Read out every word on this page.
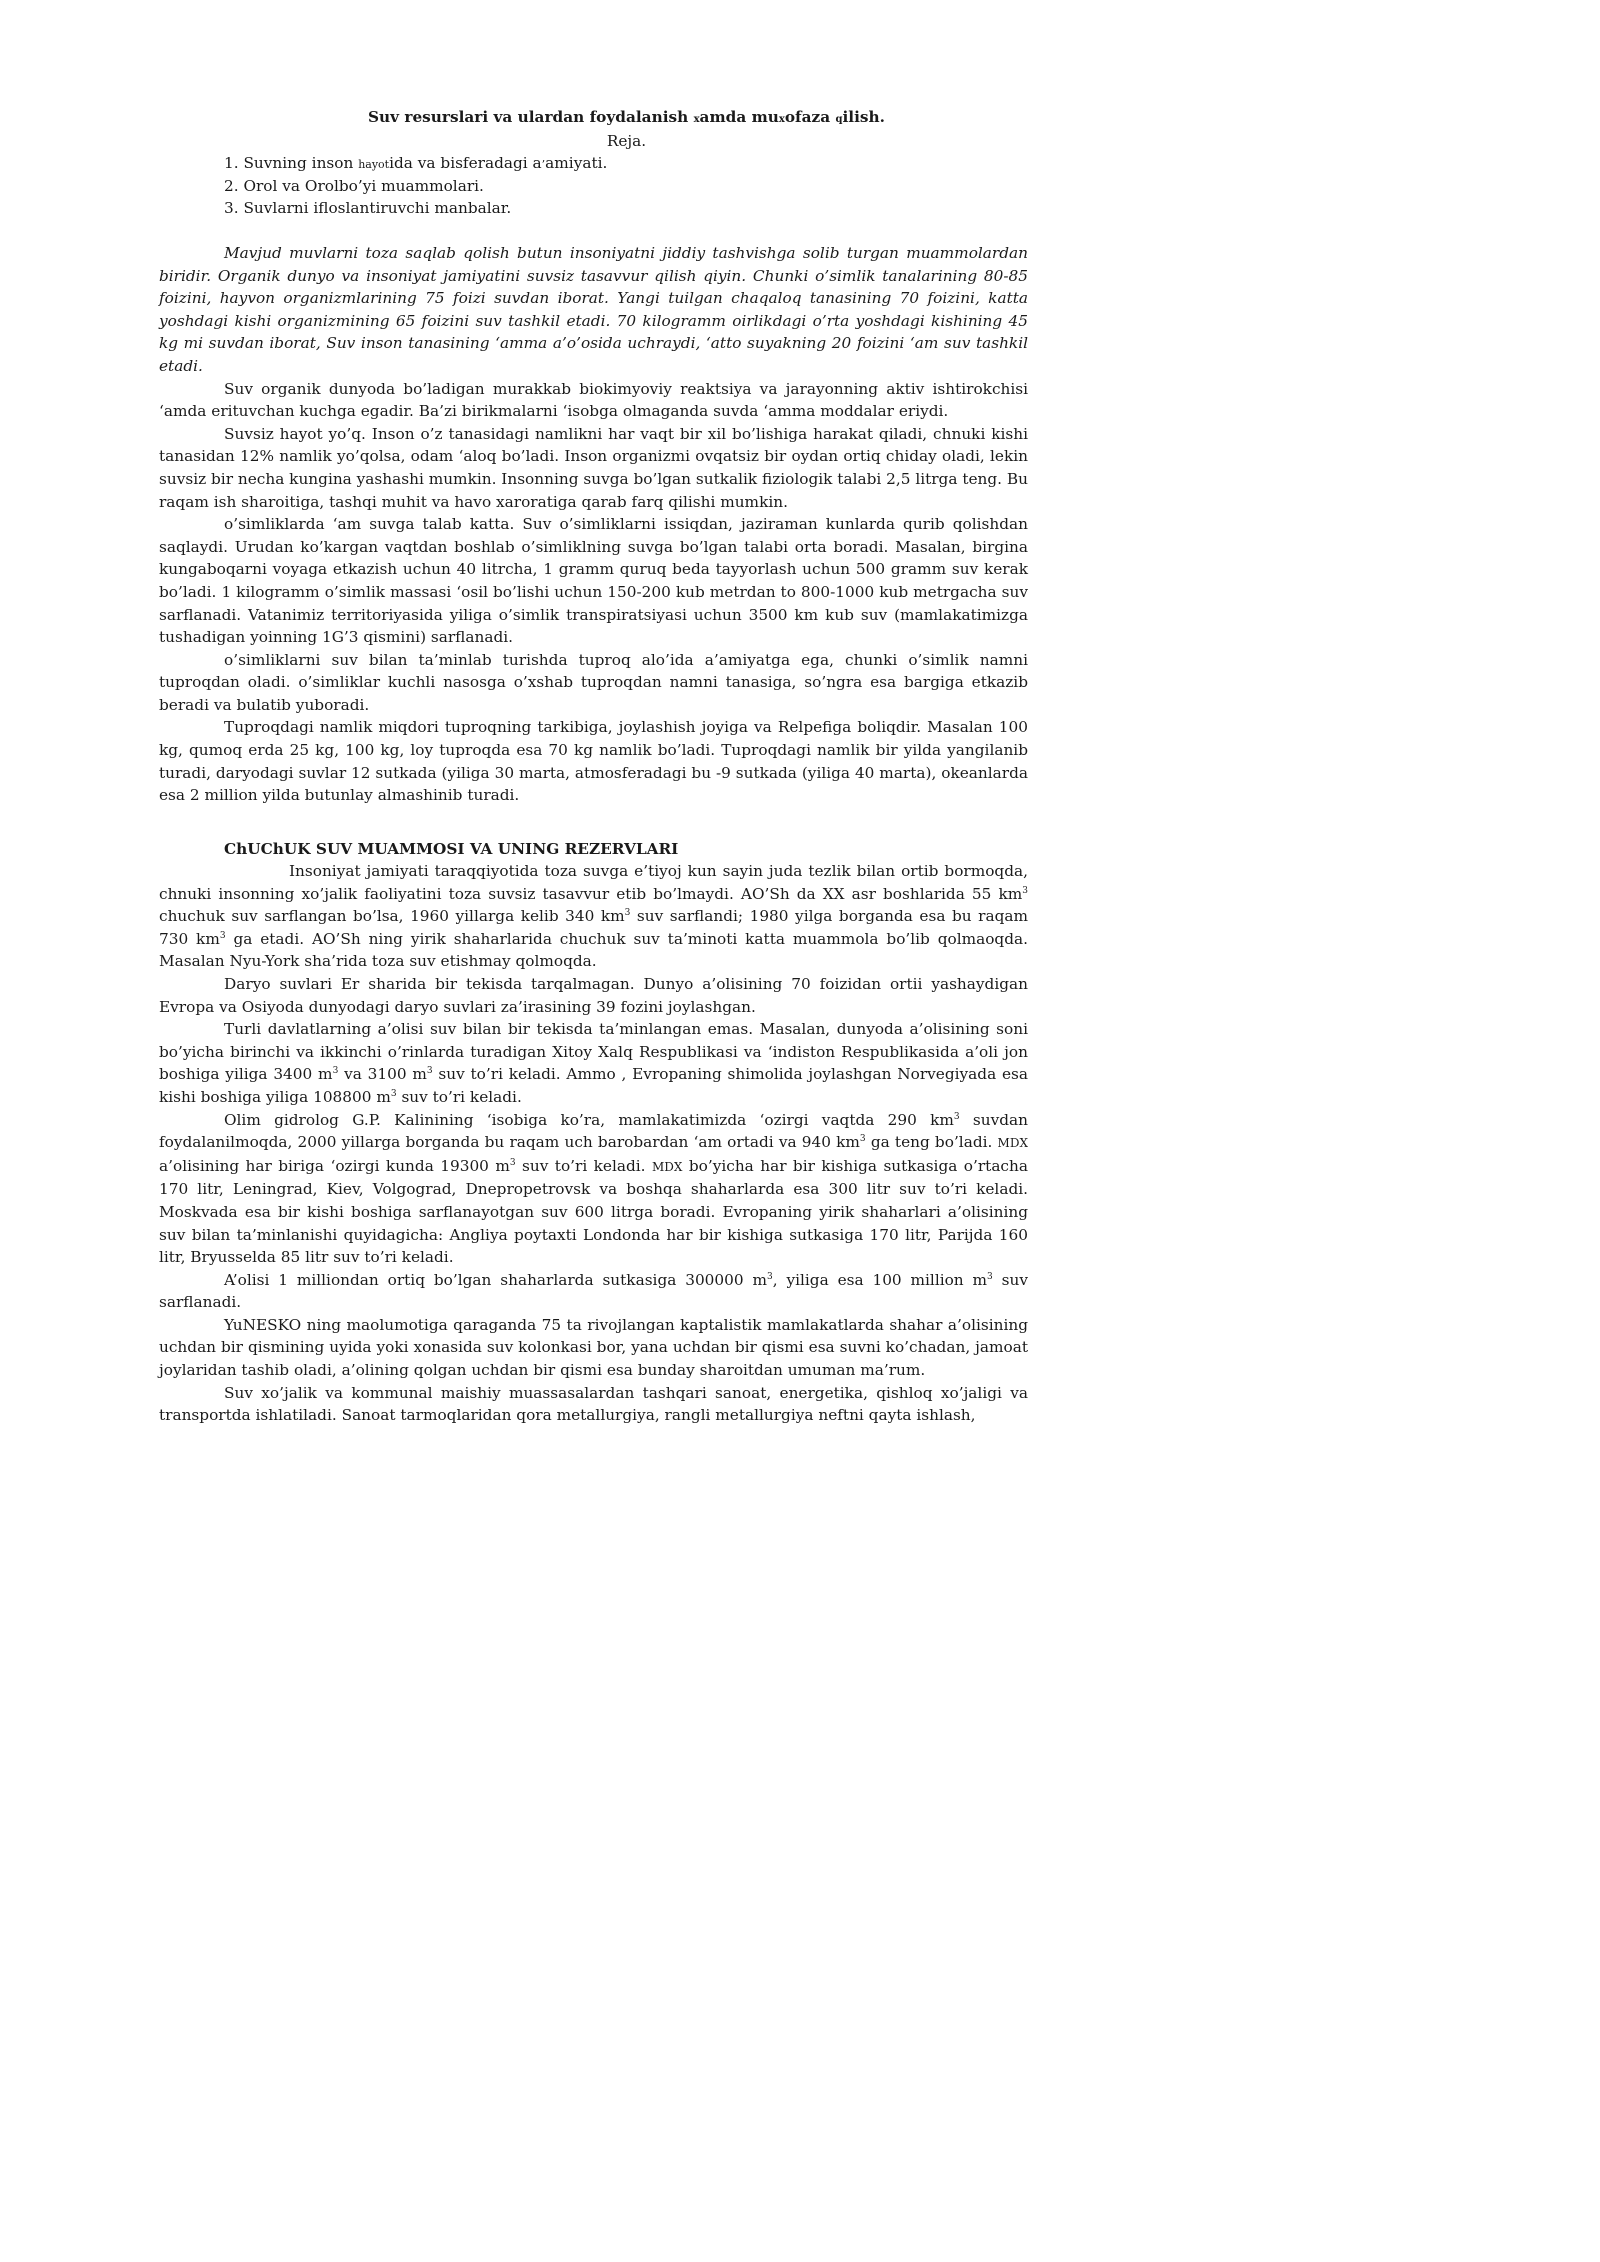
Suv resurslari va ulardan foydalanish xamda muxofaza qilish.
Reja.
1. Suvning inson hayotida va bisferadagi a’amiyati.
2. Orol va Orolbo’yi muammolari.
3. Suvlarni ifloslantiruvchi manbalar.

Mavjud muvlarni toza saqlab qolish butun insoniyatni jiddiy tashvishga solib turgan muammolardan biridir. Organik dunyo va insoniyat jamiyatini suvsiz tasavvur qilish qiyin. Chunki o’simlik tanalarining 80-85 foizini, hayvon organizmlarining 75 foizi suvdan iborat. Yangi tuilgan chaqaloq tanasining 70 foizini, katta yoshdagi kishi organizmining 65 foizini suv tashkil etadi. 70 kilogramm oirlikdagi o’rta yoshdagi kishining 45 kg mi suvdan iborat, Suv inson tanasining ‘amma a’o’osida uchraydi, ‘atto suyakning 20 foizini ‘am suv tashkil etadi.

Suv organik dunyoda bo’ladigan murakkab biokimyoviy reaktsiya va jarayonning aktiv ishtirokchisi ‘amda erituvchan kuchga egadir. Ba’zi birikmalarni ‘isobga olmaganda suvda ‘amma moddalar eriydi.

Suvsiz hayot yo’q. Inson o’z tanasidagi namlikni har vaqt bir xil bo’lishiga harakat qiladi, chnuki kishi tanasidan 12% namlik yo’qolsa, odam ‘aloq bo’ladi. Inson organizmi ovqatsiz bir oydan ortiq chiday oladi, lekin suvsiz bir necha kungina yashashi mumkin. Insonning suvga bo’lgan sutkalik fiziologik talabi 2,5 litrga teng. Bu raqam ish sharoitiga, tashqi muhit va havo xaroratiga qarab farq qilishi mumkin.

o’simliklarda ‘am suvga talab katta. Suv o’simliklarni issiqdan, jaziraman kunlarda qurib qolishdan saqlaydi. Urudan ko’kargan vaqtdan boshlab o’simliklning suvga bo’lgan talabi orta boradi. Masalan, birgina kungaboqarni voyaga etkazish uchun 40 litrcha, 1 gramm quruq beda tayyorlash uchun 500 gramm suv kerak bo’ladi. 1 kilogramm o’simlik massasi ‘osil bo’lishi uchun 150-200 kub metrdan to 800-1000 kub metrgacha suv sarflanadi. Vatanimiz territoriyasida yiliga o’simlik transpiratsiyasi uchun 3500 km kub suv (mamlakatimizga tushadigan yoinning 1G’3 qismini) sarflanadi.

o’simliklarni suv bilan ta’minlab turishda tuproq alo’ida a’amiyatga ega, chunki o’simlik namni tuproqdan oladi. o’simliklar kuchli nasosga o’xshab tuproqdan namni tanasiga, so’ngra esa bargiga etkazib beradi va bulatib yuboradi.

Tuproqdagi namlik miqdori tuproqning tarkibiga, joylashish joyiga va Relpefiga boliqdir. Masalan 100 kg, qumoq erda 25 kg, 100 kg, loy tuproqda esa 70 kg namlik bo’ladi. Tuproqdagi namlik bir yilda yangilanib turadi, daryodagi suvlar 12 sutkada (yiliga 30 marta, atmosferadagi bu -9 sutkada (yiliga 40 marta), okeanlarda esa 2 million yilda butunlay almashinib turadi.

ChUChUK SUV MUAMMOSI VA UNING REZERVLARI

Insoniyat jamiyati taraqqiyotida toza suvga e’tiyoj kun sayin juda tezlik bilan ortib bormoqda, chnuki insonning xo’jalik faoliyatini toza suvsiz tasavvur etib bo’lmaydi. AO’Sh da XX asr boshlarida 55 $km^3$ chuchuk suv sarflangan bo’lsa, 1960 yillarga kelib 340 $km^3$ suv sarflandi; 1980 yilga borganda esa bu raqam 730 $km^3$ ga etadi. AO’Sh ning yirik shaharlarida chuchuk suv ta’minoti katta muammola bo’lib qolmaoqda. Masalan Nyu-York sha’rida toza suv etishmay qolmoqda.

Daryo suvlari Er sharida bir tekisda tarqalmagan. Dunyo a’olisining 70 foizidan ortii yashaydigan Evropa va Osiyoda dunyodagi daryo suvlari za’irasining 39 fozini joylashgan.

Turli davlatlarning a’olisi suv bilan bir tekisda ta’minlangan emas. Masalan, dunyoda a’olisining soni bo’yicha birinchi va ikkinchi o’rinlarda turadigan Xitoy Xalq Respublikasi va ‘indiston Respublikasida a’oli jon boshiga yiliga 3400 $m^3$ va 3100 $m^3$ suv to’ri keladi. Ammo , Evropaning shimolida joylashgan Norvegiyada esa kishi boshiga yiliga 108800 $m^3$ suv to’ri keladi.

Olim gidrolog G.P. Kalinining ‘isobiga ko’ra, mamlakatimizda ‘ozirgi vaqtda 290 $km^3$ suvdan foydalanilmoqda, 2000 yillarga borganda bu raqam uch barobardan ‘am ortadi va 940 $km^3$ ga teng bo’ladi. MDX a’olisining har biriga ‘ozirgi kunda 19300 $m^3$ suv to’ri keladi. MDX bo’yicha har bir kishiga sutkasiga o’rtacha 170 litr, Leningrad, Kiev, Volgograd, Dnepropetrovsk va boshqa shaharlarda esa 300 litr suv to’ri keladi. Moskvada esa bir kishi boshiga sarflanayotgan suv 600 litrga boradi. Evropaning yirik shaharlari a’olisining suv bilan ta’minlanishi quyidagicha: Angliya poytaxti Londonda har bir kishiga sutkasiga 170 litr, Parijda 160 litr, Bryusselda 85 litr suv to’ri keladi.

A’olisi 1 milliondan ortiq bo’lgan shaharlarda sutkasiga 300000 $m^3$, yiliga esa 100 million $m^3$ suv sarflanadi.

YuNESKO ning maolumotiga qaraganda 75 ta rivojlangan kaptalistik mamlakatlarda shahar a’olisining uchdan bir qismining uyida yoki xonasida suv kolonkasi bor, yana uchdan bir qismi esa suvni ko’chadan, jamoat joylaridan tashib oladi, a’olining qolgan uchdan bir qismi esa bunday sharoitdan umuman ma’rum.

Suv xo’jalik va kommunal maishiy muassasalardan tashqari sanoat, energetika, qishloq xo’jaligi va transportda ishlatiladi. Sanoat tarmoqlaridan qora metallurgiya, rangli metallurgiya neftni qayta ishlash,
